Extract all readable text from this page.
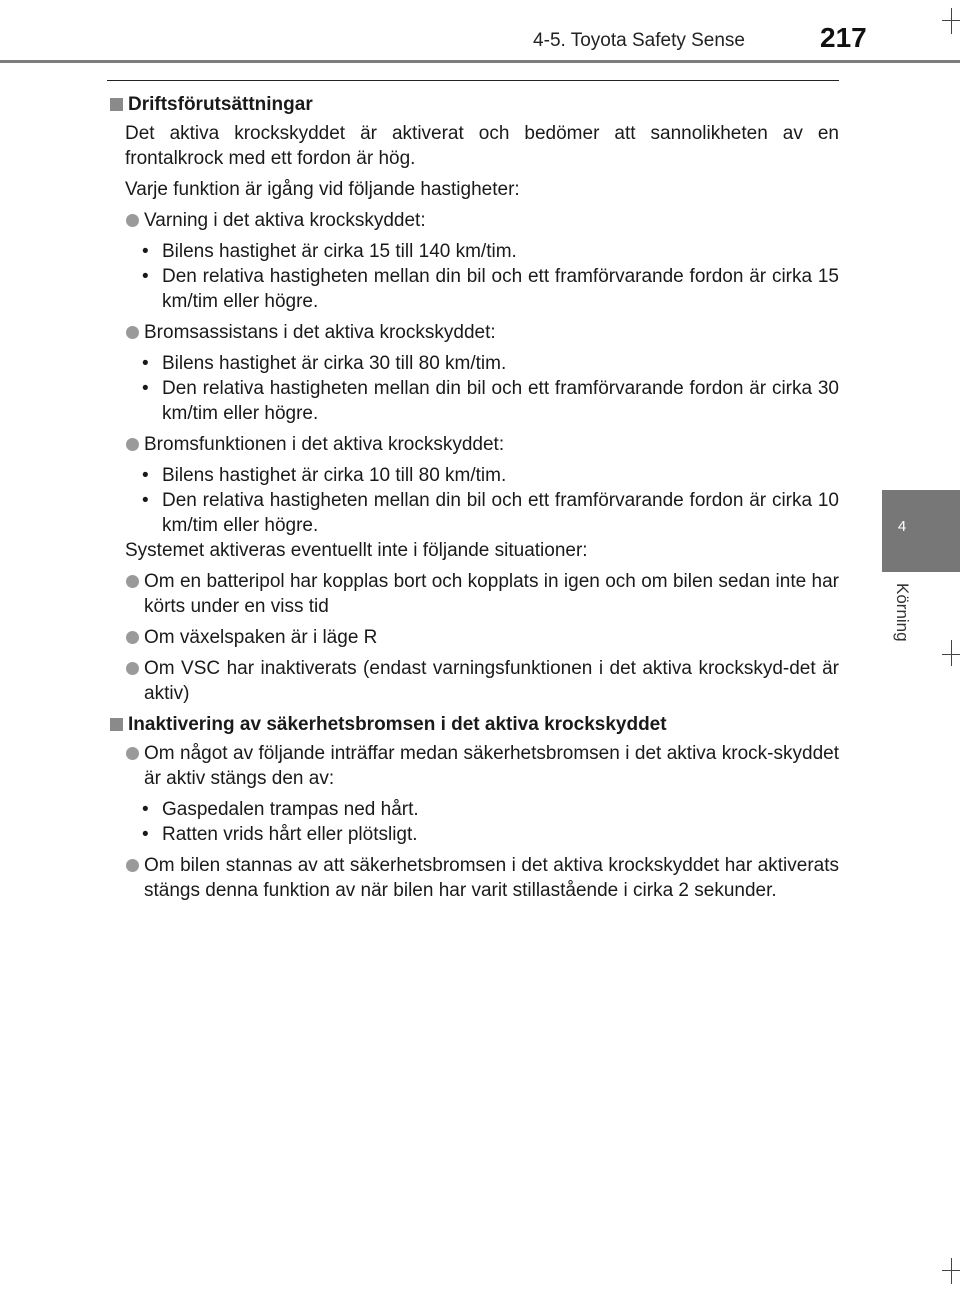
4-5. Toyota Safety Sense	217
4
Körning
Driftsförutsättningar

Det aktiva krockskyddet är aktiverat och bedömer att sannolikheten av en frontalkrock med ett fordon är hög.

Varje funktion är igång vid följande hastigheter:

Varning i det aktiva krockskyddet:
• Bilens hastighet är cirka 15 till 140 km/tim.
• Den relativa hastigheten mellan din bil och ett framförvarande fordon är cirka 15 km/tim eller högre.
Bromsassistans i det aktiva krockskyddet:
• Bilens hastighet är cirka 30 till 80 km/tim.
• Den relativa hastigheten mellan din bil och ett framförvarande fordon är cirka 30 km/tim eller högre.
Bromsfunktionen i det aktiva krockskyddet:
• Bilens hastighet är cirka 10 till 80 km/tim.
• Den relativa hastigheten mellan din bil och ett framförvarande fordon är cirka 10 km/tim eller högre.

Systemet aktiveras eventuellt inte i följande situationer:

Om en batteripol har kopplas bort och kopplats in igen och om bilen sedan inte har körts under en viss tid
Om växelspaken är i läge R
Om VSC har inaktiverats (endast varningsfunktionen i det aktiva krockskyd-det är aktiv)
Inaktivering av säkerhetsbromsen i det aktiva krockskyddet
Om något av följande inträffar medan säkerhetsbromsen i det aktiva krock-skyddet är aktiv stängs den av:
• Gaspedalen trampas ned hårt.
• Ratten vrids hårt eller plötsligt.
Om bilen stannas av att säkerhetsbromsen i det aktiva krockskyddet har aktiverats stängs denna funktion av när bilen har varit stillastående i cirka 2 sekunder.
